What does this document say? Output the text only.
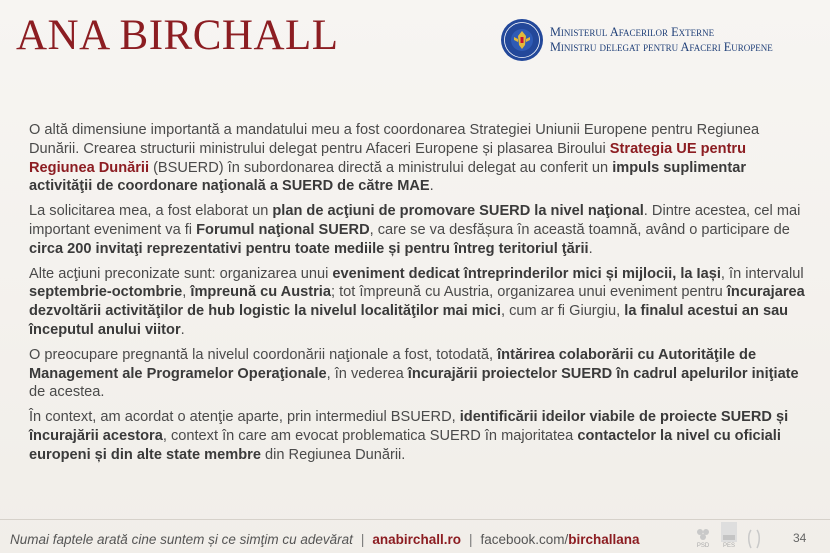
ANA BIRCHALL	Ministerul Afacerilor Externe
Ministru delegat pentru Afaceri Europene

O altă dimensiune importantă a mandatului meu a fost coordonarea Strategiei Uniunii Europene pentru Regiunea Dunării. Crearea structurii ministrului delegat pentru Afaceri Europene și plasarea Biroului Strategia UE pentru Regiunea Dunării (BSUERD) în subordonarea directă a ministrului delegat au conferit un impuls suplimentar activităţii de coordonare naţională a SUERD de către MAE.

La solicitarea mea, a fost elaborat un plan de acţiuni de promovare SUERD la nivel naţional. Dintre acestea, cel mai important eveniment va fi Forumul naţional SUERD, care se va desfășura în această toamnă, având o participare de circa 200 invitaţi reprezentativi pentru toate mediile și pentru întreg teritoriul ţării.

Alte acţiuni preconizate sunt: organizarea unui eveniment dedicat întreprinderilor mici și mijlocii, la Iași, în intervalul septembrie-octombrie, împreună cu Austria; tot împreună cu Austria, organizarea unui eveniment pentru încurajarea dezvoltării activităţilor de hub logistic la nivelul localităţilor mai mici, cum ar fi Giurgiu, la finalul acestui an sau începutul anului viitor.

O preocupare pregnantă la nivelul coordonării naţionale a fost, totodată, întărirea colaborării cu Autorităţile de Management ale Programelor Operaţionale, în vederea încurajării proiectelor SUERD în cadrul apelurilor iniţiate de acestea.

În context, am acordat o atenţie aparte, prin intermediul BSUERD, identificării ideilor viabile de proiecte SUERD și încurajării acestora, context în care am evocat problematica SUERD în majoritatea contactelor la nivel cu oficiali europeni și din alte state membre din Regiunea Dunării.

Numai faptele arată cine suntem și ce simţim cu adevărat | anabirchall.ro | facebook.com/birchallana	PSD PES
34
